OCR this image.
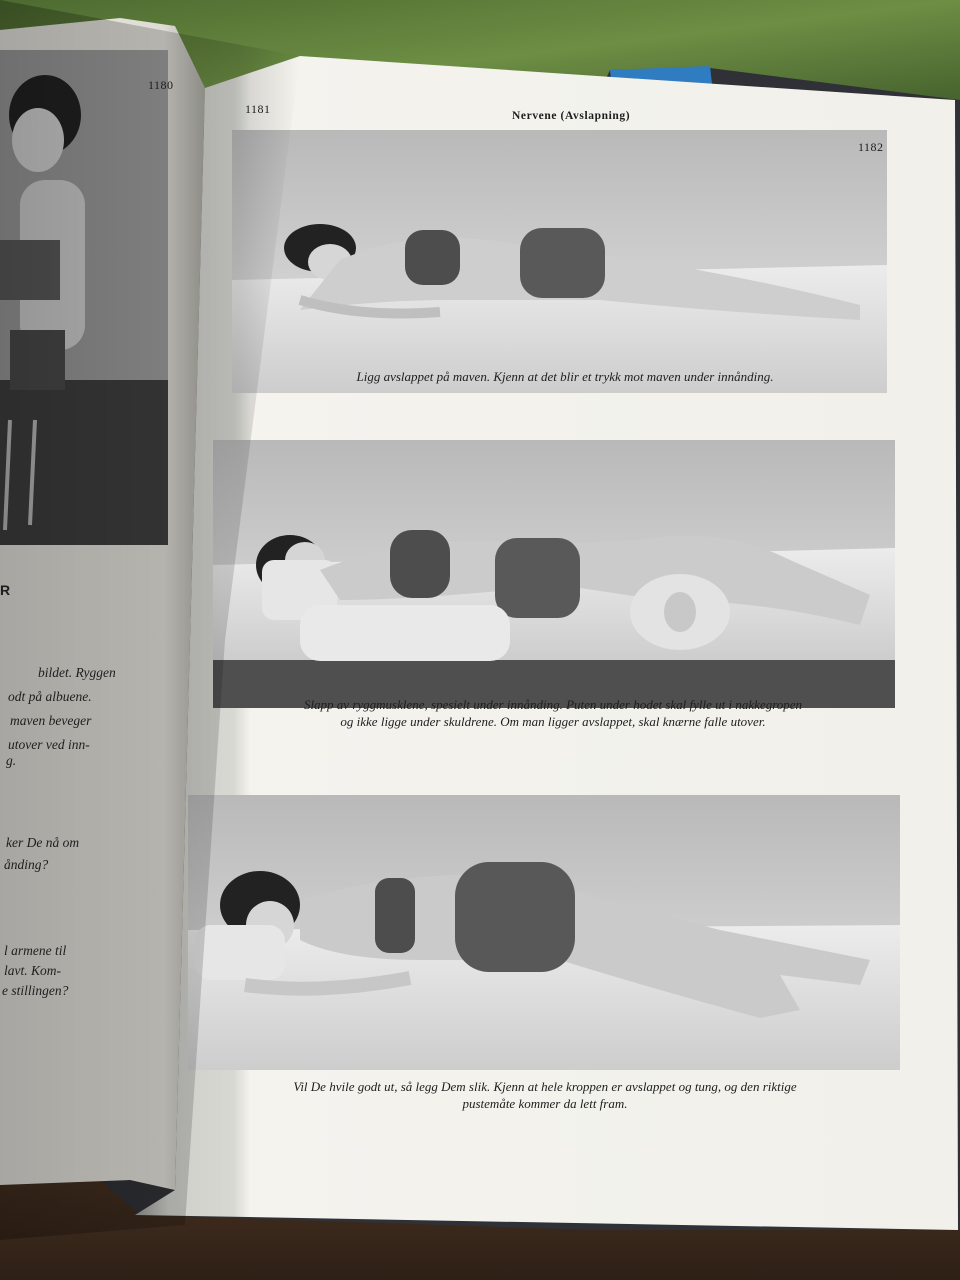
1180

R

bildet. Ryggen

odt på albuene.

maven beveger

utover ved inn-

g.

ker De nå om

ånding?

l armene til

lavt. Kom-

e stillingen?

1181	Nervene (Avslapning)

1182

Ligg avslappet på maven. Kjenn at det blir et trykk mot maven under innånding.

Slapp av ryggmusklene, spesielt under innånding. Puten under hodet skal fylle ut i nakkegropen
og ikke ligge under skuldrene. Om man ligger avslappet, skal knærne falle utover.
Vil De hvile godt ut, så legg Dem slik. Kjenn at hele kroppen er avslappet og tung, og den riktige
pustemåte kommer da lett fram.
